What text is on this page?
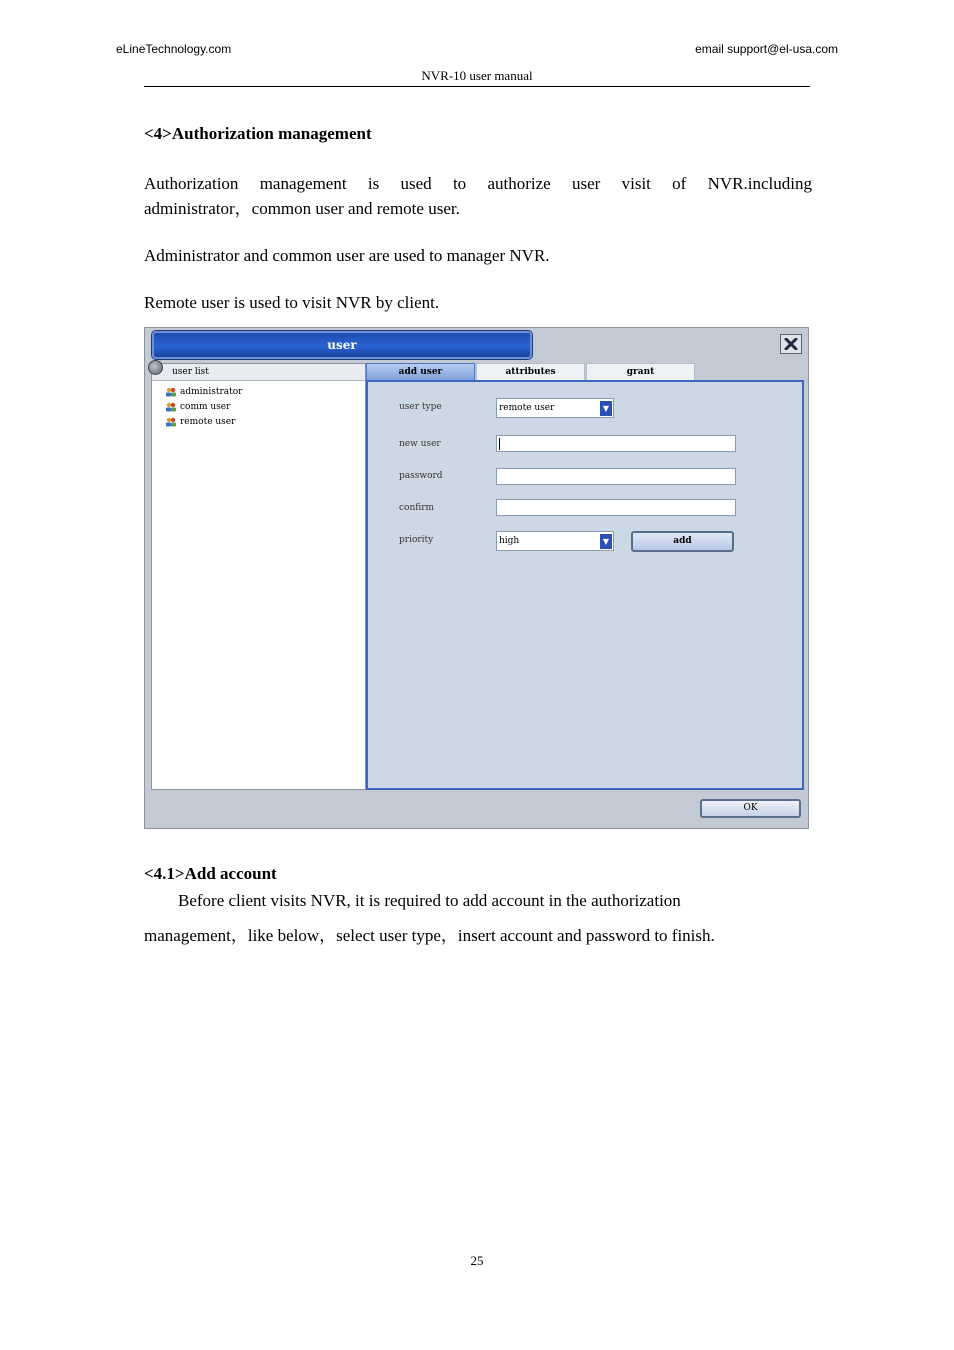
eLineTechnology.com	email support@el-usa.com
NVR-10 user manual
<4>Authorization management
Authorization management is used to authorize user visit of NVR.including
administrator，common user and remote user.
Administrator and common user are used to manager NVR.
Remote user is used to visit NVR by client.
user
user list
administrator
comm user
remote user
add user	attributes	grant
user type	remote user	▼
new user
password
confirm
priority	high	▼	add
OK
<4.1>Add account
Before client visits NVR, it is required to add account in the authorization
management，like below，select user type，insert account and password to finish.
25
